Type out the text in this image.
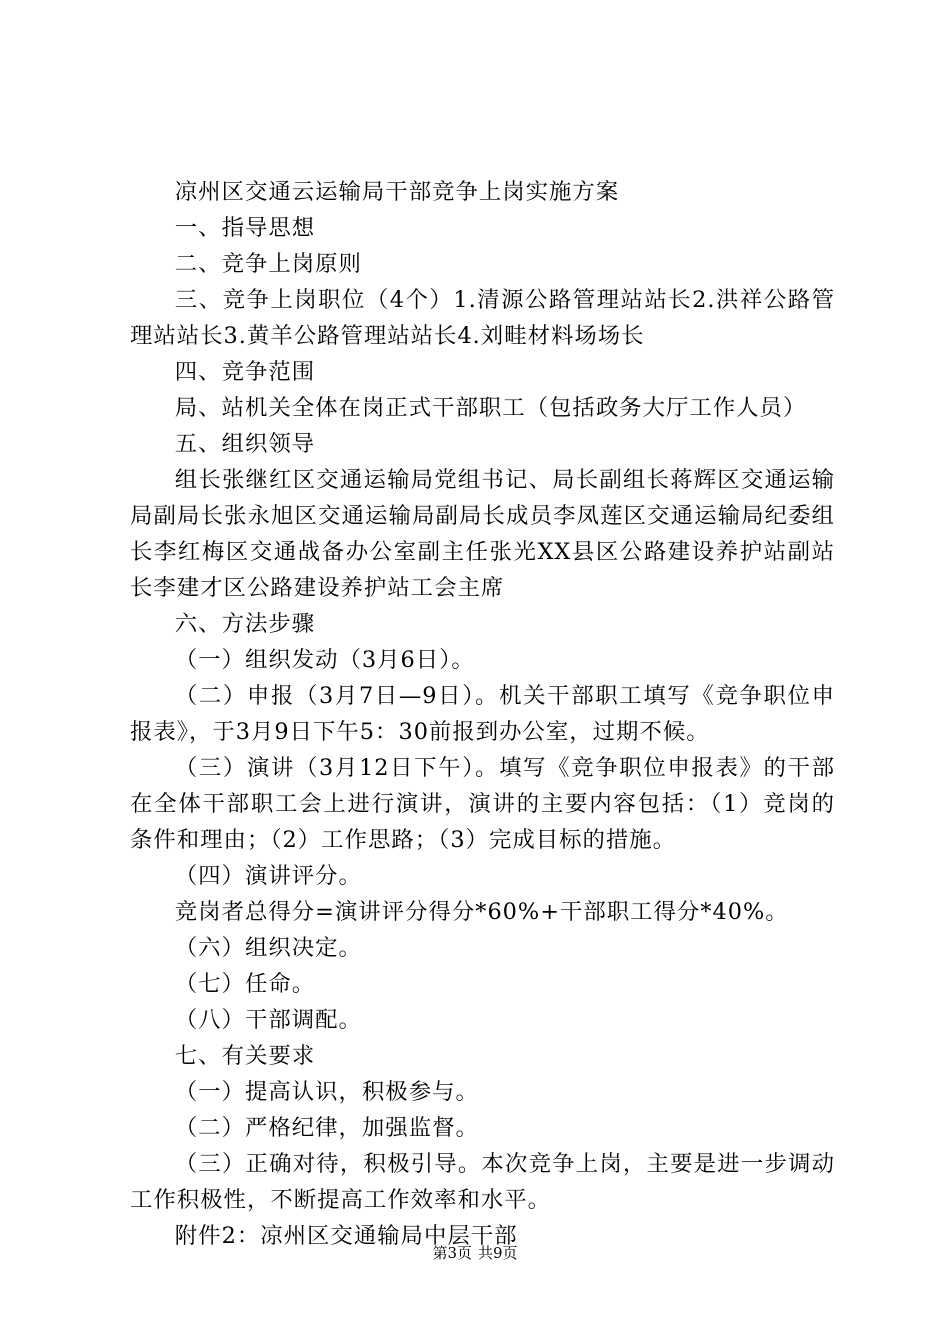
凉州区交通云运输局干部竞争上岗实施方案

一、指导思想

二、竞争上岗原则

三、竞争上岗职位（4个）1.清源公路管理站站长2.洪祥公路管理站站长3.黄羊公路管理站站长4.刘畦材料场场长

四、竞争范围

局、站机关全体在岗正式干部职工（包括政务大厅工作人员）

五、组织领导

组长张继红区交通运输局党组书记、局长副组长蒋辉区交通运输局副局长张永旭区交通运输局副局长成员李凤莲区交通运输局纪委组长李红梅区交通战备办公室副主任张光XX县区公路建设养护站副站长李建才区公路建设养护站工会主席

六、方法步骤

（一）组织发动（3月6日）。

（二）申报（3月7日—9日）。机关干部职工填写《竞争职位申报表》，于3月9日下午5：30前报到办公室，过期不候。

（三）演讲（3月12日下午）。填写《竞争职位申报表》的干部在全体干部职工会上进行演讲，演讲的主要内容包括：（1）竞岗的条件和理由；（2）工作思路；（3）完成目标的措施。

（四）演讲评分。

竞岗者总得分=演讲评分得分*60%+干部职工得分*40%。

（六）组织决定。

（七）任命。

（八）干部调配。

七、有关要求

（一）提高认识，积极参与。

（二）严格纪律，加强监督。

（三）正确对待，积极引导。本次竞争上岗，主要是进一步调动工作积极性，不断提高工作效率和水平。

附件2：凉州区交通输局中层干部

第3页 共9页
